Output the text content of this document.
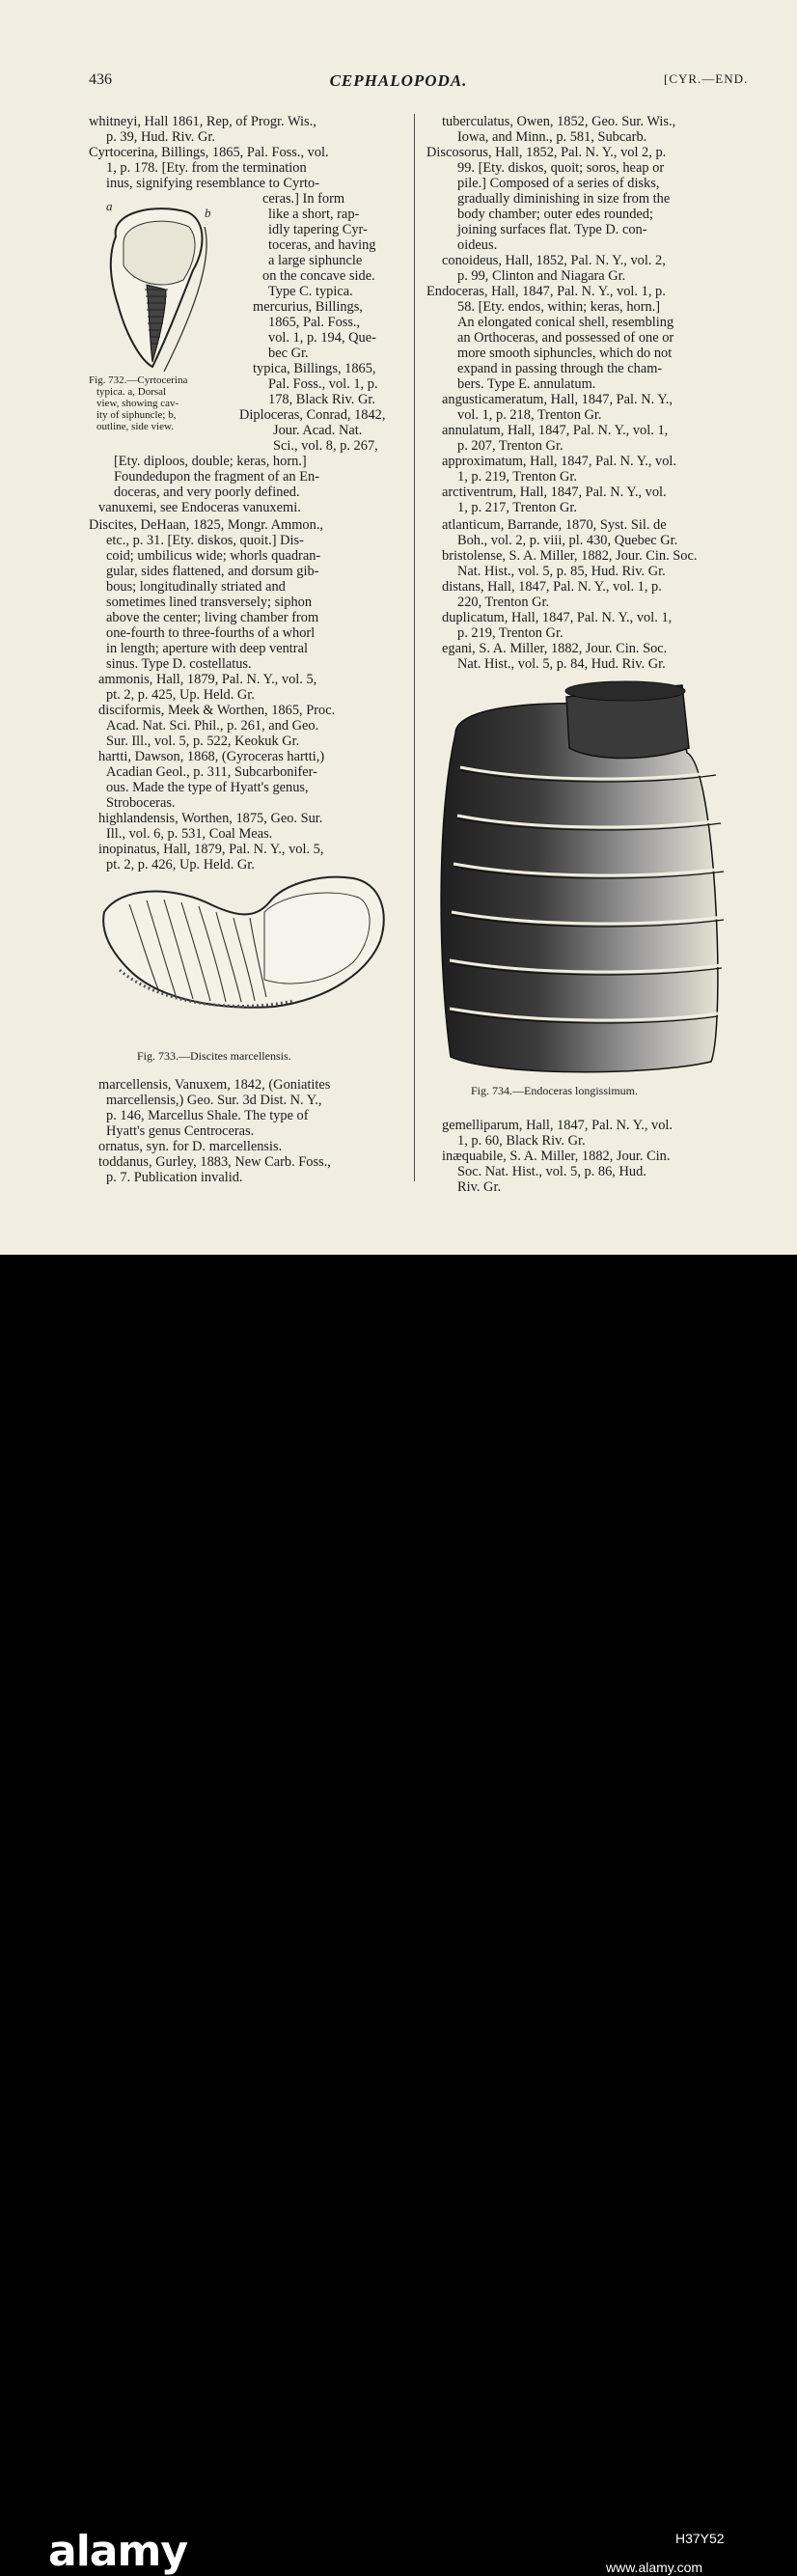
436	CEPHALOPODA.	[CYR.—END.
whitneyi, Hall 1861, Rep, of Progr. Wis.,
p. 39, Hud. Riv. Gr.
Cyrtocerina, Billings, 1865, Pal. Foss., vol.
1, p. 178. [Ety. from the termination
inus, signifying resemblance to Cyrto-
ceras.] In form
like a short, rap-
idly tapering Cyr-
toceras, and having
a large siphuncle
on the concave side.
Type C. typica.
mercurius, Billings,
1865, Pal. Foss.,
vol. 1, p. 194, Que-
bec Gr.
typica, Billings, 1865,
Pal. Foss., vol. 1, p.
178, Black Riv. Gr.
Diploceras, Conrad, 1842,
Jour. Acad. Nat.
Sci., vol. 8, p. 267,
[Ety. diploos, double; keras, horn.]
Foundedupon the fragment of an En-
doceras, and very poorly defined.
vanuxemi, see Endoceras vanuxemi.
Discites, DeHaan, 1825, Mongr. Ammon.,
etc., p. 31. [Ety. diskos, quoit.] Dis-
coid; umbilicus wide; whorls quadran-
gular, sides flattened, and dorsum gib-
bous; longitudinally striated and
sometimes lined transversely; siphon
above the center; living chamber from
one-fourth to three-fourths of a whorl
in length; aperture with deep ventral
sinus. Type D. costellatus.
ammonis, Hall, 1879, Pal. N. Y., vol. 5,
pt. 2, p. 425, Up. Held. Gr.
disciformis, Meek & Worthen, 1865, Proc.
Acad. Nat. Sci. Phil., p. 261, and Geo.
Sur. Ill., vol. 5, p. 522, Keokuk Gr.
hartti, Dawson, 1868, (Gyroceras hartti,)
Acadian Geol., p. 311, Subcarbonifer-
ous. Made the type of Hyatt's genus,
Stroboceras.
highlandensis, Worthen, 1875, Geo. Sur.
Ill., vol. 6, p. 531, Coal Meas.
inopinatus, Hall, 1879, Pal. N. Y., vol. 5,
pt. 2, p. 426, Up. Held. Gr.
marcellensis, Vanuxem, 1842, (Goniatites
marcellensis,) Geo. Sur. 3d Dist. N. Y.,
p. 146, Marcellus Shale. The type of
Hyatt's genus Centroceras.
ornatus, syn. for D. marcellensis.
toddanus, Gurley, 1883, New Carb. Foss.,
p. 7. Publication invalid.
tuberculatus, Owen, 1852, Geo. Sur. Wis.,
Iowa, and Minn., p. 581, Subcarb.
Discosorus, Hall, 1852, Pal. N. Y., vol 2, p.
99. [Ety. diskos, quoit; soros, heap or
pile.] Composed of a series of disks,
gradually diminishing in size from the
body chamber; outer edes rounded;
joining surfaces flat. Type D. con-
oideus.
conoideus, Hall, 1852, Pal. N. Y., vol. 2,
p. 99, Clinton and Niagara Gr.
Endoceras, Hall, 1847, Pal. N. Y., vol. 1, p.
58. [Ety. endos, within; keras, horn.]
An elongated conical shell, resembling
an Orthoceras, and possessed of one or
more smooth siphuncles, which do not
expand in passing through the cham-
bers. Type E. annulatum.
angusticameratum, Hall, 1847, Pal. N. Y.,
vol. 1, p. 218, Trenton Gr.
annulatum, Hall, 1847, Pal. N. Y., vol. 1,
p. 207, Trenton Gr.
approximatum, Hall, 1847, Pal. N. Y., vol.
1, p. 219, Trenton Gr.
arctiventrum, Hall, 1847, Pal. N. Y., vol.
1, p. 217, Trenton Gr.
atlanticum, Barrande, 1870, Syst. Sil. de
Boh., vol. 2, p. viii, pl. 430, Quebec Gr.
bristolense, S. A. Miller, 1882, Jour. Cin. Soc.
Nat. Hist., vol. 5, p. 85, Hud. Riv. Gr.
distans, Hall, 1847, Pal. N. Y., vol. 1, p.
220, Trenton Gr.
duplicatum, Hall, 1847, Pal. N. Y., vol. 1,
p. 219, Trenton Gr.
egani, S. A. Miller, 1882, Jour. Cin. Soc.
Nat. Hist., vol. 5, p. 84, Hud. Riv. Gr.
gemelliparum, Hall, 1847, Pal. N. Y., vol.
1, p. 60, Black Riv. Gr.
inæquabile, S. A. Miller, 1882, Jour. Cin.
Soc. Nat. Hist., vol. 5, p. 86, Hud.
Riv. Gr.
a	b
Fig. 732.—Cyrtocerina
typica. a, Dorsal
view, showing cav-
ity of siphuncle; b,
outline, side view.
Fig. 733.—Discites marcellensis.
Fig. 734.—Endoceras longissimum.
alamy	H37Y52
www.alamy.com
